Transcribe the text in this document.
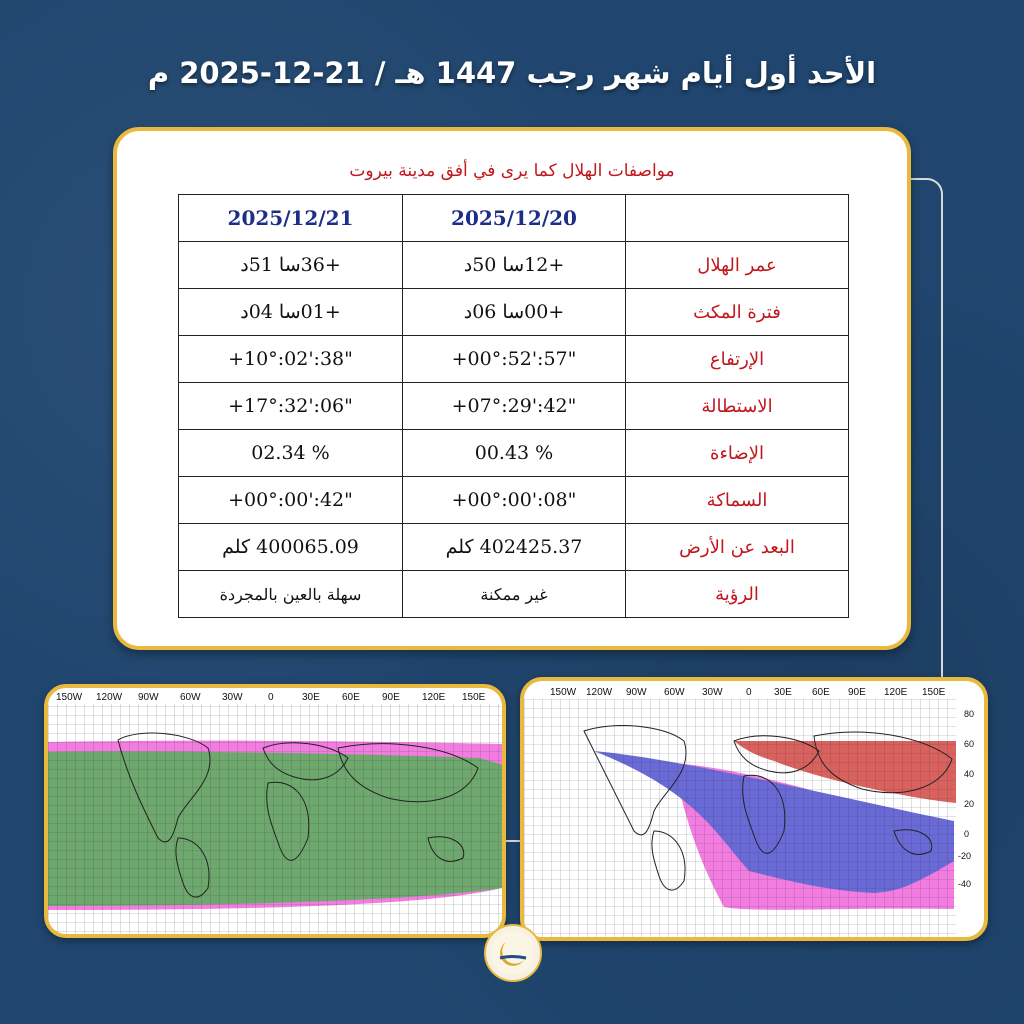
الأحد أول أيام شهر رجب 1447 هـ / 21-12-2025 م
مواصفات الهلال كما يرى في أفق مدينة بيروت
2025/12/21	2025/12/20	
+36سا 51د	+12سا 50د	عمر الهلال
+01سا 04د	+00سا 06د	فترة المكث
+10°:02':38"	+00°:52':57"	الإرتفاع
+17°:32':06"	+07°:29':42"	الاستطالة
02.34 %	00.43 %	الإضاءة
+00°:00':42"	+00°:00':08"	السماكة
400065.09 كلم	402425.37 كلم	البعد عن الأرض
سهلة بالعين بالمجردة	غير ممكنة	الرؤية
150W 120W 90W 60W 30W	0	30E 60E 90E 120E 150E	150W 120W 90W 60W 30W 0 30E 60E 90E 120E 150E
80
60
40
20
0
-20
-40
